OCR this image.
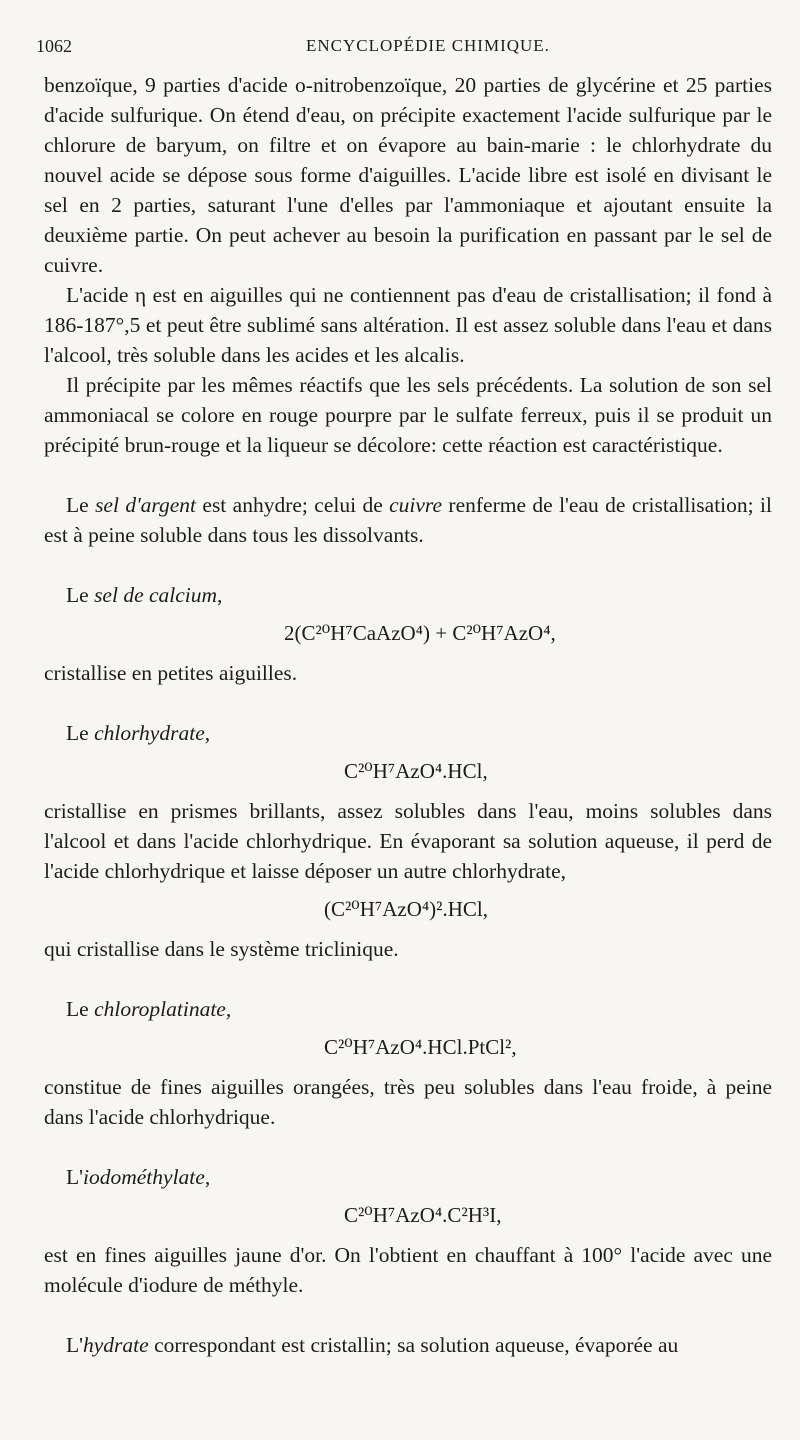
1062	ENCYCLOPÉDIE CHIMIQUE.

benzoïque, 9 parties d'acide o-nitrobenzoïque, 20 parties de glycérine et 25 parties d'acide sulfurique. On étend d'eau, on précipite exactement l'acide sulfurique par le chlorure de baryum, on filtre et on évapore au bain-marie : le chlorhydrate du nouvel acide se dépose sous forme d'aiguilles. L'acide libre est isolé en divisant le sel en 2 parties, saturant l'une d'elles par l'ammoniaque et ajoutant ensuite la deuxième partie. On peut achever au besoin la purification en passant par le sel de cuivre.

L'acide η est en aiguilles qui ne contiennent pas d'eau de cristallisation; il fond à 186-187°,5 et peut être sublimé sans altération. Il est assez soluble dans l'eau et dans l'alcool, très soluble dans les acides et les alcalis.

Il précipite par les mêmes réactifs que les sels précédents. La solution de son sel ammoniacal se colore en rouge pourpre par le sulfate ferreux, puis il se produit un précipité brun-rouge et la liqueur se décolore: cette réaction est caractéristique.

Le sel d'argent est anhydre; celui de cuivre renferme de l'eau de cristallisation; il est à peine soluble dans tous les dissolvants.

Le sel de calcium,

2(C²⁰H⁷CaAzO⁴) + C²⁰H⁷AzO⁴,

cristallise en petites aiguilles.

Le chlorhydrate,

C²⁰H⁷AzO⁴.HCl,

cristallise en prismes brillants, assez solubles dans l'eau, moins solubles dans l'alcool et dans l'acide chlorhydrique. En évaporant sa solution aqueuse, il perd de l'acide chlorhydrique et laisse déposer un autre chlorhydrate,

(C²⁰H⁷AzO⁴)².HCl,

qui cristallise dans le système triclinique.

Le chloroplatinate,

C²⁰H⁷AzO⁴.HCl.PtCl²,

constitue de fines aiguilles orangées, très peu solubles dans l'eau froide, à peine dans l'acide chlorhydrique.

L'iodométhylate,

C²⁰H⁷AzO⁴.C²H³I,

est en fines aiguilles jaune d'or. On l'obtient en chauffant à 100° l'acide avec une molécule d'iodure de méthyle.

L'hydrate correspondant est cristallin; sa solution aqueuse, évaporée au
